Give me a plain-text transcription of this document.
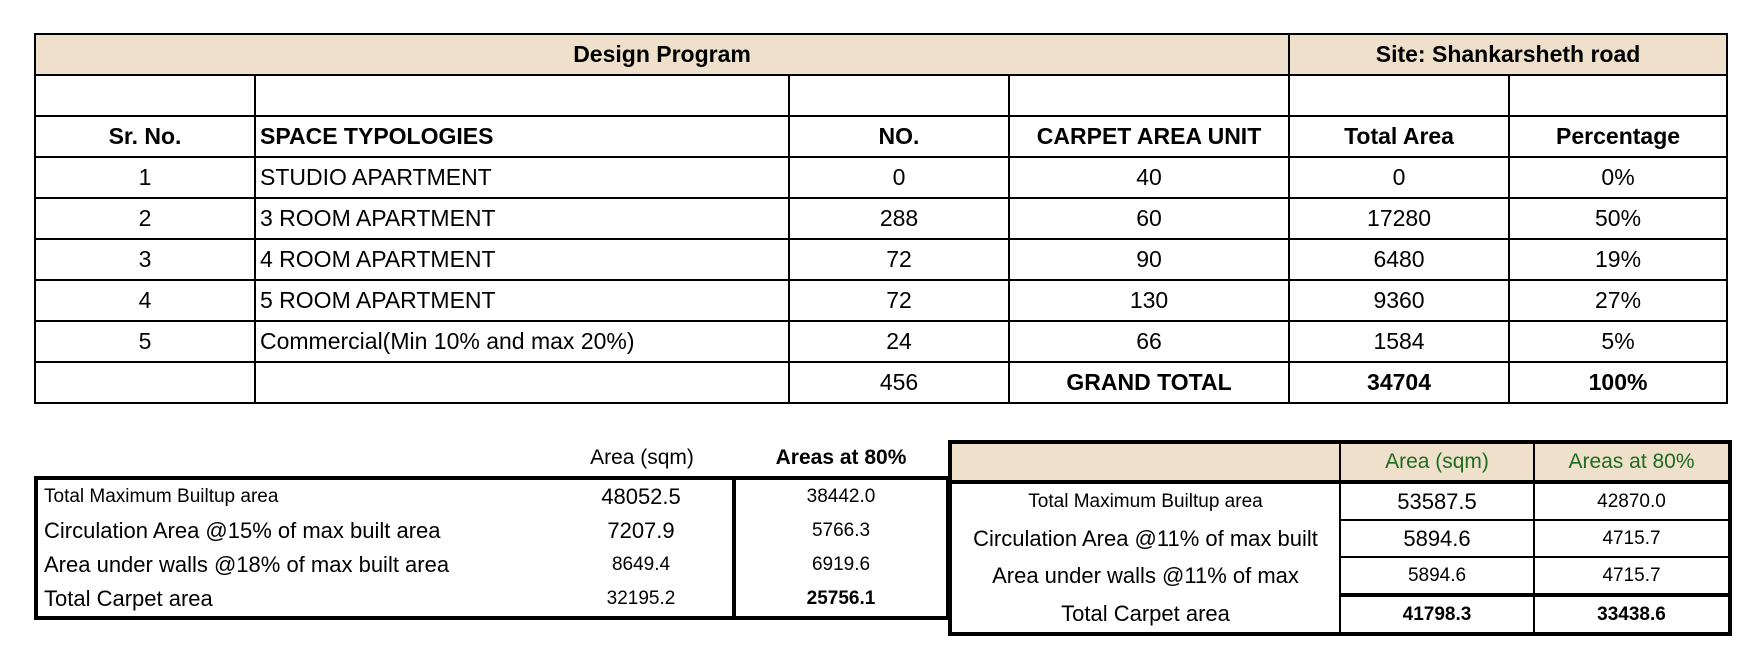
Design Program				Site: Shankarsheth road	

Sr. No.	SPACE TYPOLOGIES	NO.	CARPET AREA UNIT	Total Area	Percentage
1	STUDIO APARTMENT	0	40	0	0%
2	3 ROOM APARTMENT	288	60	17280	50%
3	4 ROOM APARTMENT	72	90	6480	19%
4	5 ROOM APARTMENT	72	130	9360	27%
5	Commercial(Min 10% and max 20%)	24	66	1584	5%
		456	GRAND TOTAL	34704	100%
	Area (sqm)	Areas at 80%
Total Maximum Builtup area	48052.5	38442.0
Circulation Area @15% of max built area	7207.9	5766.3
Area under walls @18% of max built area	8649.4	6919.6
Total Carpet area	32195.2	25756.1
	Area (sqm)	Areas at 80%
Total Maximum Builtup area	53587.5	42870.0
Circulation Area @11% of max built	5894.6	4715.7
Area under walls @11% of max	5894.6	4715.7
Total Carpet area	41798.3	33438.6
